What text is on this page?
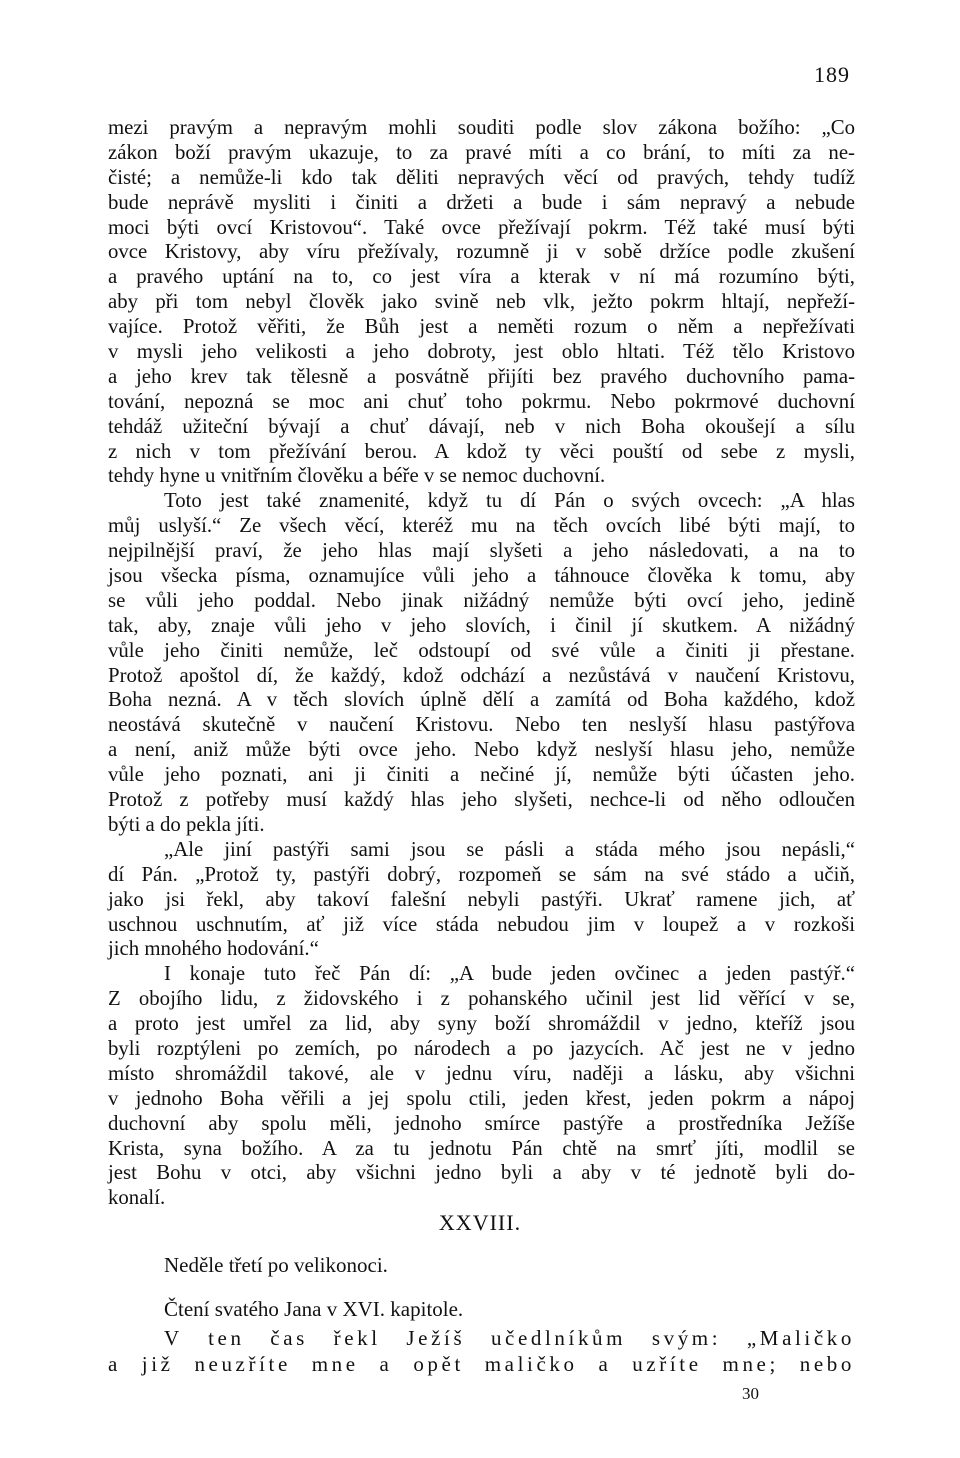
189
mezi pravým a nepravým mohli souditi podle slov zákona božího: „Co
zákon boží pravým ukazuje, to za pravé míti a co brání, to míti za ne-
čisté; a nemůže-li kdo tak děliti nepravých věcí od pravých, tehdy tudíž
bude neprávě mysliti i činiti a držeti a bude i sám nepravý a nebude
moci býti ovcí Kristovou“. Také ovce přežívají pokrm. Též také musí býti
ovce Kristovy, aby víru přežívaly, rozumně ji v sobě držíce podle zkušení
a pravého uptání na to, co jest víra a kterak v ní má rozumíno býti,
aby při tom nebyl člověk jako svině neb vlk, ježto pokrm hltají, nepřeží-
vajíce. Protož věřiti, že Bůh jest a neměti rozum o něm a nepřežívati
v mysli jeho velikosti a jeho dobroty, jest oblo hltati. Též tělo Kristovo
a jeho krev tak tělesně a posvátně přijíti bez pravého duchovního pama-
tování, nepozná se moc ani chuť toho pokrmu. Nebo pokrmové duchovní
tehdáž užiteční bývají a chuť dávají, neb v nich Boha okoušejí a sílu
z nich v tom přežívání berou. A kdož ty věci pouští od sebe z mysli,
tehdy hyne u vnitřním člověku a béře v se nemoc duchovní.
Toto jest také znamenité, když tu dí Pán o svých ovcech: „A hlas
můj uslyší.“ Ze všech věcí, kteréž mu na těch ovcích libé býti mají, to
nejpilnější praví, že jeho hlas mají slyšeti a jeho následovati, a na to
jsou všecka písma, oznamujíce vůli jeho a táhnouce člověka k tomu, aby
se vůli jeho poddal. Nebo jinak nižádný nemůže býti ovcí jeho, jedině
tak, aby, znaje vůli jeho v jeho slovích, i činil jí skutkem. A nižádný
vůle jeho činiti nemůže, leč odstoupí od své vůle a činiti ji přestane.
Protož apoštol dí, že každý, kdož odchází a nezůstává v naučení Kristovu,
Boha nezná. A v těch slovích úplně dělí a zamítá od Boha každého, kdož
neostává skutečně v naučení Kristovu. Nebo ten neslyší hlasu pastýřova
a není, aniž může býti ovce jeho. Nebo když neslyší hlasu jeho, nemůže
vůle jeho poznati, ani ji činiti a nečiné jí, nemůže býti účasten jeho.
Protož z potřeby musí každý hlas jeho slyšeti, nechce-li od něho odloučen
býti a do pekla jíti.
„Ale jiní pastýři sami jsou se pásli a stáda mého jsou nepásli,“
dí Pán. „Protož ty, pastýři dobrý, rozpomeň se sám na své stádo a učiň,
jako jsi řekl, aby takoví falešní nebyli pastýři. Ukrať ramene jich, ať
uschnou uschnutím, ať již více stáda nebudou jim v loupež a v rozkoši
jich mnohého hodování.“
I konaje tuto řeč Pán dí: „A bude jeden ovčinec a jeden pastýř.“
Z obojího lidu, z židovského i z pohanského učinil jest lid věřící v se,
a proto jest umřel za lid, aby syny boží shromáždil v jedno, kteříž jsou
byli rozptýleni po zemích, po národech a po jazycích. Ač jest ne v jedno
místo shromáždil takové, ale v jednu víru, naději a lásku, aby všichni
v jednoho Boha věřili a jej spolu ctili, jeden křest, jeden pokrm a nápoj
duchovní aby spolu měli, jednoho smírce pastýře a prostředníka Ježíše
Krista, syna božího. A za tu jednotu Pán chtě na smrť jíti, modlil se
jest Bohu v otci, aby všichni jedno byli a aby v té jednotě byli do-
konalí.
XXVIII.
Neděle třetí po velikonoci.
Čtení svatého Jana v XVI. kapitole.
V ten čas řekl Ježíš učedlníkům svým: „Maličko
a již neuzříte mne a opět maličko a uzříte mne; nebo
30
